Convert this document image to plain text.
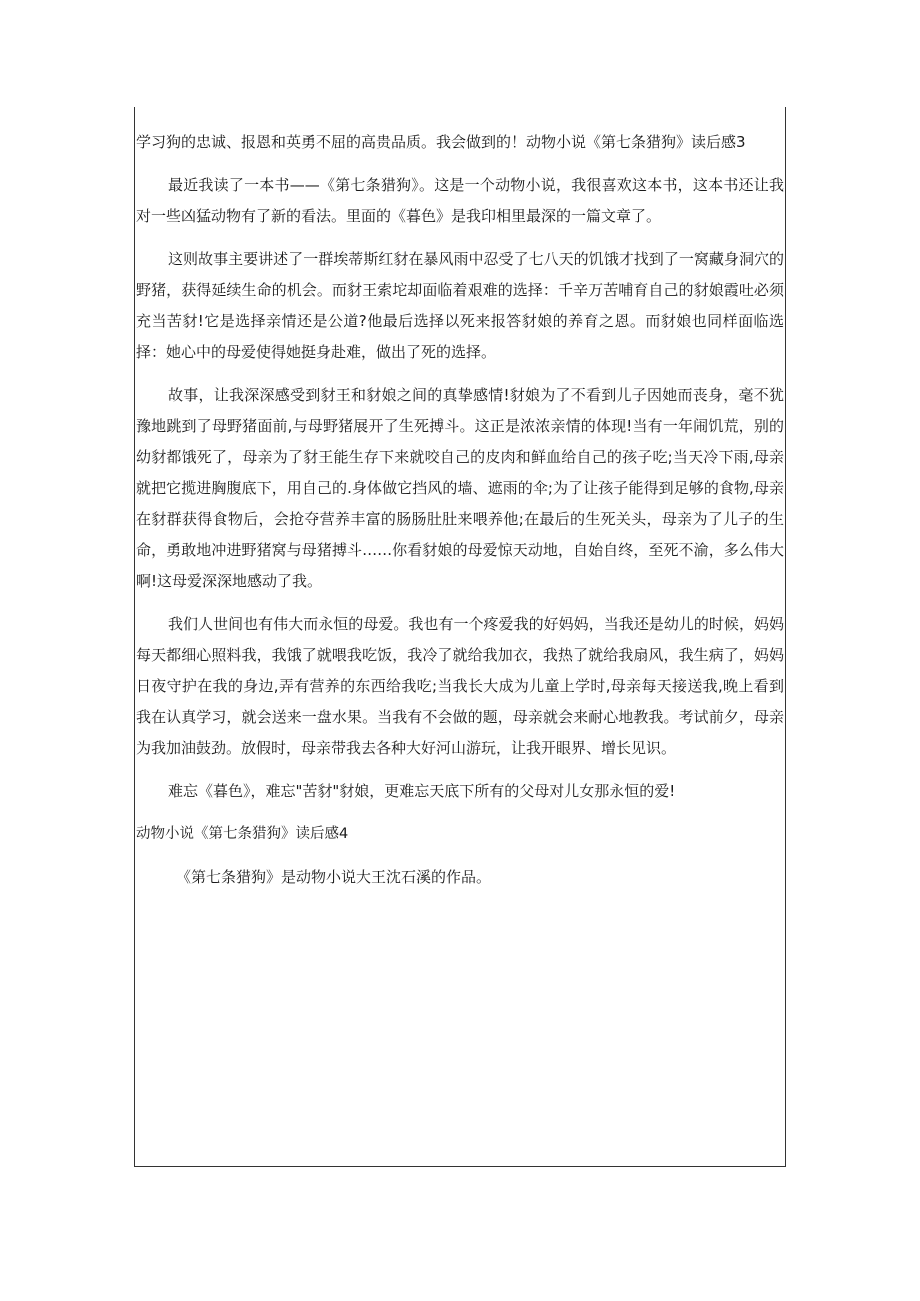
学习狗的忠诚、报恩和英勇不屈的高贵品质。我会做到的！动物小说《第七条猎狗》读后感3

最近我读了一本书——《第七条猎狗》。这是一个动物小说，我很喜欢这本书，这本书还让我对一些凶猛动物有了新的看法。里面的《暮色》是我印相里最深的一篇文章了。

这则故事主要讲述了一群埃蒂斯红豺在暴风雨中忍受了七八天的饥饿才找到了一窝藏身洞穴的野猪，获得延续生命的机会。而豺王索坨却面临着艰难的选择：千辛万苦哺育自己的豺娘霞吐必须充当苦豺!它是选择亲情还是公道?他最后选择以死来报答豺娘的养育之恩。而豺娘也同样面临选择：她心中的母爱使得她挺身赴难，做出了死的选择。

故事，让我深深感受到豺王和豺娘之间的真挚感情!豺娘为了不看到儿子因她而丧身，毫不犹豫地跳到了母野猪面前,与母野猪展开了生死搏斗。这正是浓浓亲情的体现!当有一年闹饥荒，别的幼豺都饿死了，母亲为了豺王能生存下来就咬自己的皮肉和鲜血给自己的孩子吃;当天冷下雨,母亲就把它揽进胸腹底下，用自己的.身体做它挡风的墙、遮雨的伞;为了让孩子能得到足够的食物,母亲在豺群获得食物后，会抢夺营养丰富的肠肠肚肚来喂养他;在最后的生死关头，母亲为了儿子的生命，勇敢地冲进野猪窝与母猪搏斗……你看豺娘的母爱惊天动地，自始自终，至死不渝，多么伟大啊!这母爱深深地感动了我。

我们人世间也有伟大而永恒的母爱。我也有一个疼爱我的好妈妈，当我还是幼儿的时候，妈妈每天都细心照料我，我饿了就喂我吃饭，我冷了就给我加衣，我热了就给我扇风，我生病了，妈妈日夜守护在我的身边,弄有营养的东西给我吃;当我长大成为儿童上学时,母亲每天接送我,晚上看到我在认真学习，就会送来一盘水果。当我有不会做的题，母亲就会来耐心地教我。考试前夕，母亲为我加油鼓劲。放假时，母亲带我去各种大好河山游玩，让我开眼界、增长见识。

难忘《暮色》，难忘"苦豺"豺娘，更难忘天底下所有的父母对儿女那永恒的爱!

动物小说《第七条猎狗》读后感4

《第七条猎狗》是动物小说大王沈石溪的作品。
